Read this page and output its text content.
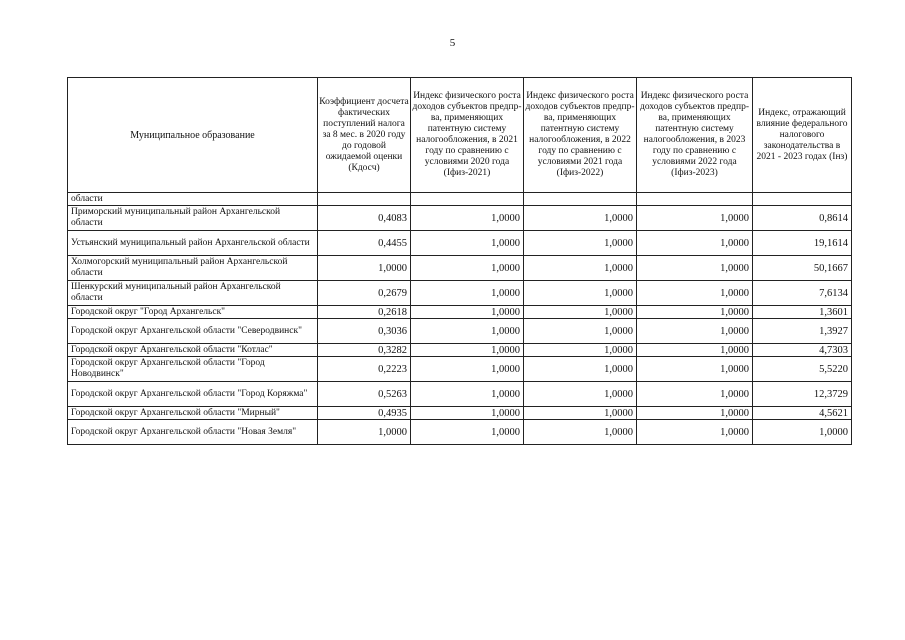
5
Муниципальное образование	Коэффициент досчета фактических поступлений налога за 8 мес. в 2020 году до годовой ожидаемой оценки (Кдосч)	Индекс физического роста доходов субъектов предпр-ва, применяющих патентную систему налогообложения, в 2021 году по сравнению с условиями 2020 года (Iфиз-2021)	Индекс физического роста доходов субъектов предпр-ва, применяющих патентную систему налогообложения, в 2022 году по сравнению с условиями 2021 года (Iфиз-2022)	Индекс физического роста доходов субъектов предпр-ва, применяющих патентную систему налогообложения, в 2023 году по сравнению с условиями 2022 года (Iфиз-2023)	Индекс, отражающий влияние федерального налогового законодательства в 2021 - 2023 годах (Iнз)
области					
Приморский муниципальный район Архангельской области	0,4083	1,0000	1,0000	1,0000	0,8614
Устьянский муниципальный район Архангельской области	0,4455	1,0000	1,0000	1,0000	19,1614
Холмогорский муниципальный район Архангельской области	1,0000	1,0000	1,0000	1,0000	50,1667
Шенкурский муниципальный район Архангельской области	0,2679	1,0000	1,0000	1,0000	7,6134
Городской округ "Город Архангельск"	0,2618	1,0000	1,0000	1,0000	1,3601
Городской округ Архангельской области "Северодвинск"	0,3036	1,0000	1,0000	1,0000	1,3927
Городской округ Архангельской области "Котлас"	0,3282	1,0000	1,0000	1,0000	4,7303
Городской округ Архангельской области "Город Новодвинск"	0,2223	1,0000	1,0000	1,0000	5,5220
Городской округ Архангельской области "Город Коряжма"	0,5263	1,0000	1,0000	1,0000	12,3729
Городской округ Архангельской области "Мирный"	0,4935	1,0000	1,0000	1,0000	4,5621
Городской округ Архангельской области "Новая Земля"	1,0000	1,0000	1,0000	1,0000	1,0000
